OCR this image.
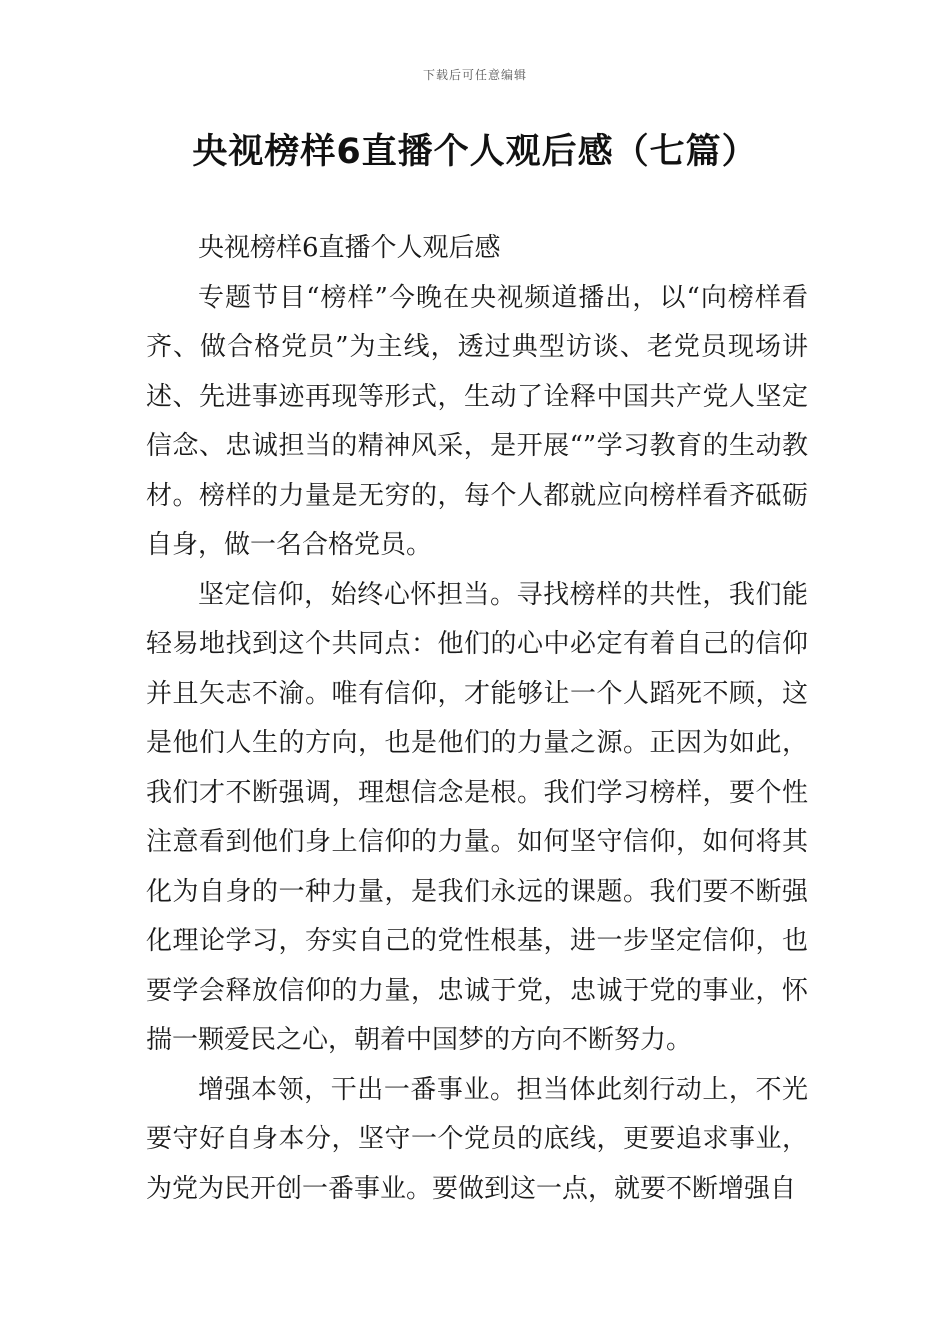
下载后可任意编辑
央视榜样6直播个人观后感（七篇）

央视榜样6直播个人观后感

专题节目“榜样”今晚在央视频道播出，以“向榜样看齐、做合格党员”为主线，透过典型访谈、老党员现场讲述、先进事迹再现等形式，生动了诠释中国共产党人坚定信念、忠诚担当的精神风采，是开展“”学习教育的生动教材。榜样的力量是无穷的，每个人都就应向榜样看齐砥砺自身，做一名合格党员。

坚定信仰，始终心怀担当。寻找榜样的共性，我们能轻易地找到这个共同点：他们的心中必定有着自己的信仰并且矢志不渝。唯有信仰，才能够让一个人蹈死不顾，这是他们人生的方向，也是他们的力量之源。正因为如此，我们才不断强调，理想信念是根。我们学习榜样，要个性注意看到他们身上信仰的力量。如何坚守信仰，如何将其化为自身的一种力量，是我们永远的课题。我们要不断强化理论学习，夯实自己的党性根基，进一步坚定信仰，也要学会释放信仰的力量，忠诚于党，忠诚于党的事业，怀揣一颗爱民之心，朝着中国梦的方向不断努力。

增强本领，干出一番事业。担当体此刻行动上，不光要守好自身本分，坚守一个党员的底线，更要追求事业，为党为民开创一番事业。要做到这一点，就要不断增强自
